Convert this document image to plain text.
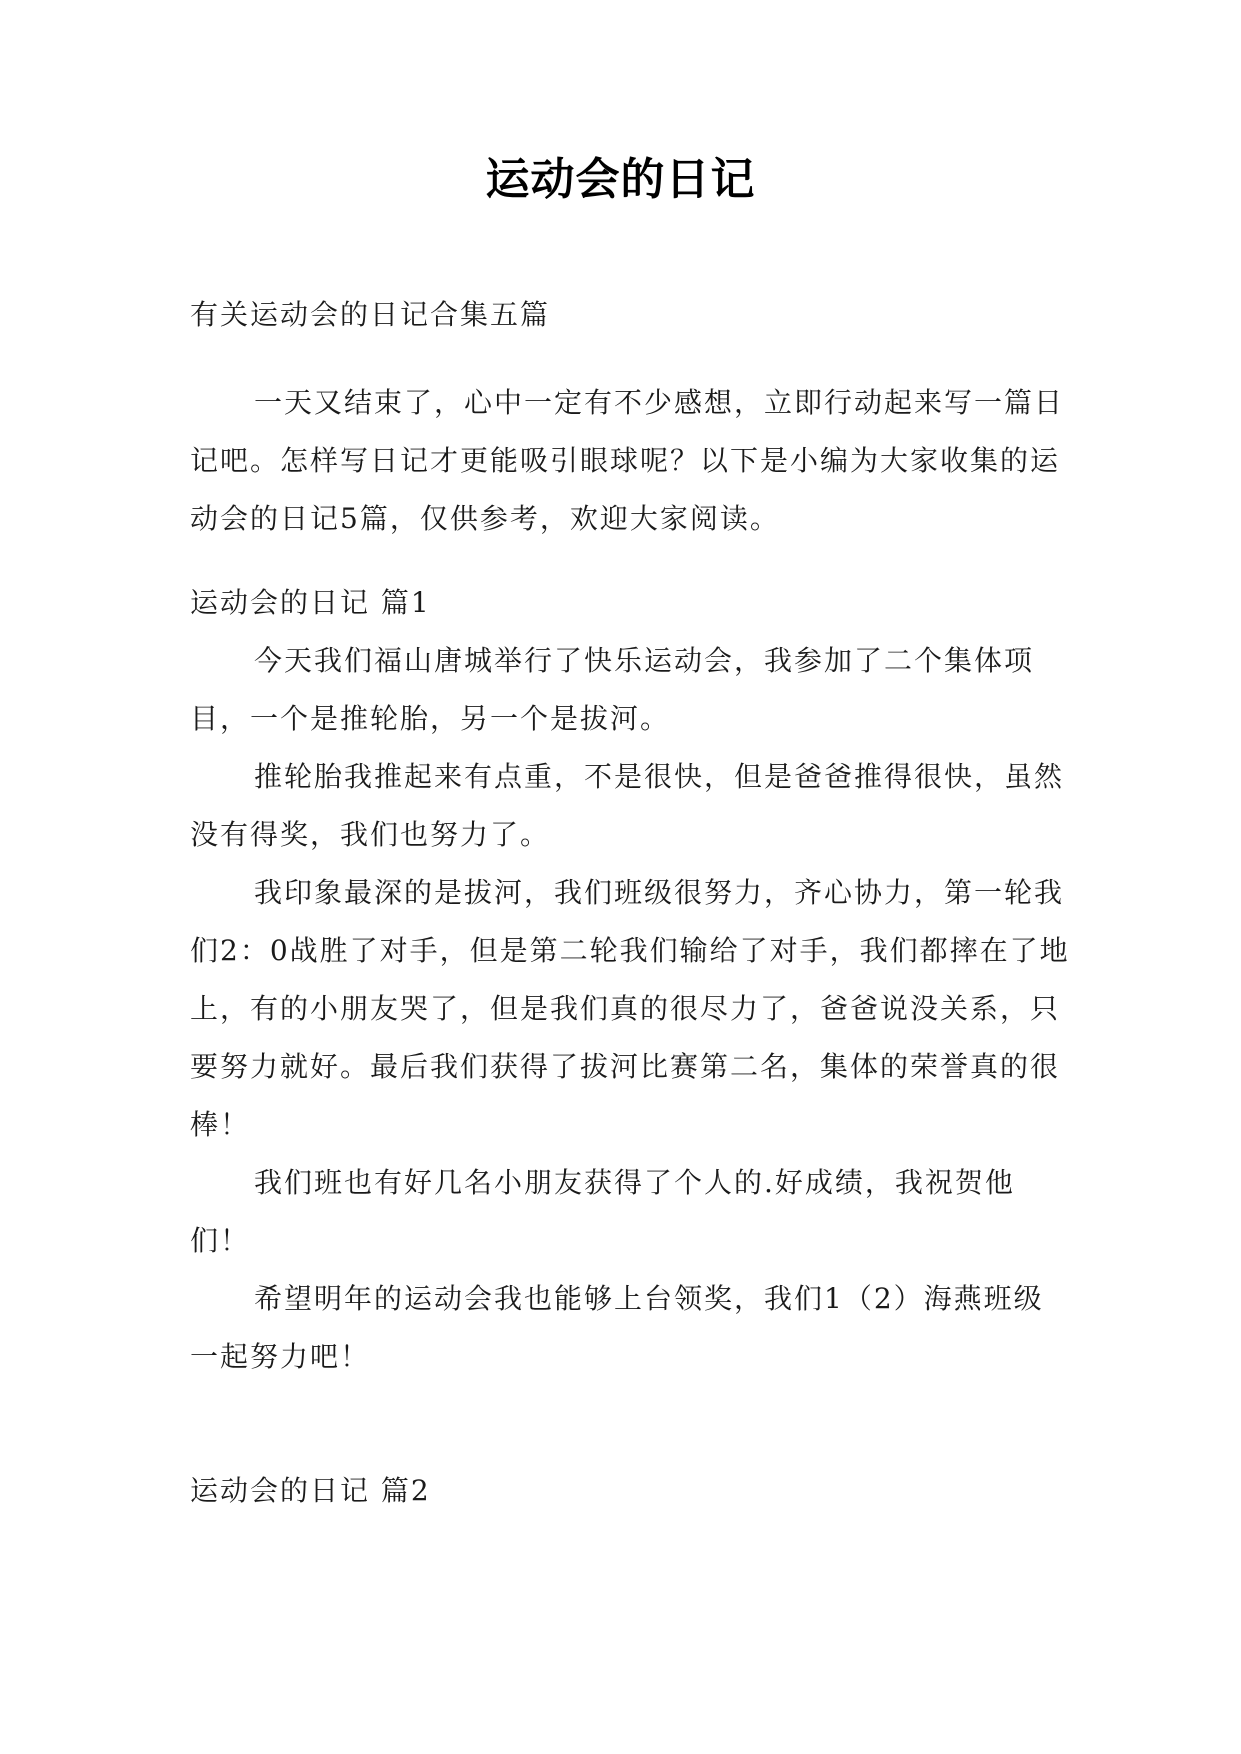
运动会的日记
有关运动会的日记合集五篇

一天又结束了，心中一定有不少感想，立即行动起来写一篇日记吧。怎样写日记才更能吸引眼球呢？以下是小编为大家收集的运动会的日记5篇，仅供参考，欢迎大家阅读。

运动会的日记 篇1

今天我们福山唐城举行了快乐运动会，我参加了二个集体项目，一个是推轮胎，另一个是拔河。

推轮胎我推起来有点重，不是很快，但是爸爸推得很快，虽然没有得奖，我们也努力了。

我印象最深的是拔河，我们班级很努力，齐心协力，第一轮我们2：0战胜了对手，但是第二轮我们输给了对手，我们都摔在了地上，有的小朋友哭了，但是我们真的很尽力了，爸爸说没关系，只要努力就好。最后我们获得了拔河比赛第二名，集体的荣誉真的很棒！

我们班也有好几名小朋友获得了个人的.好成绩，我祝贺他们！

希望明年的运动会我也能够上台领奖，我们1（2）海燕班级一起努力吧！

运动会的日记 篇2
